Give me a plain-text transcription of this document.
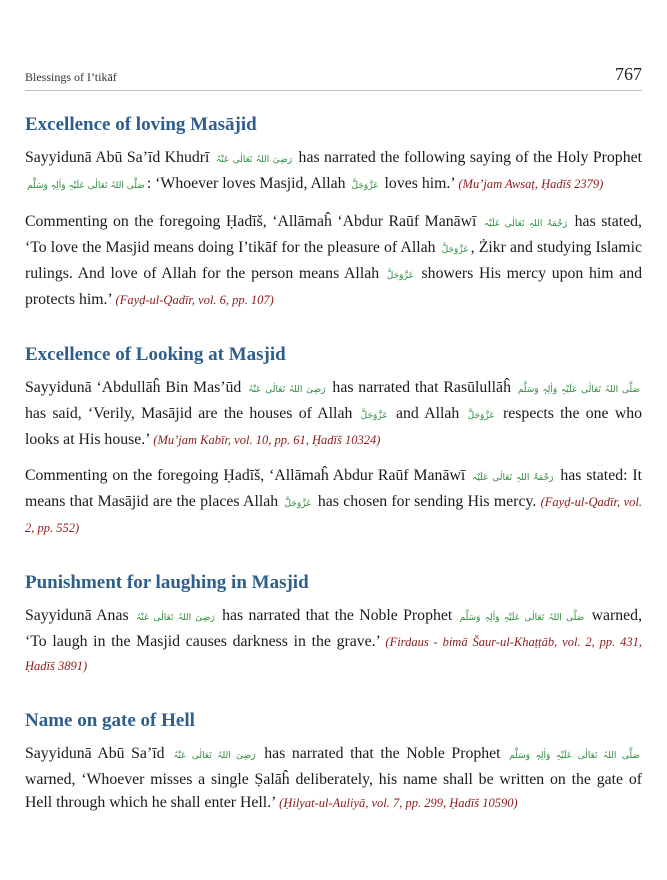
Blessings of I’tikāf	767
Excellence of loving Masājid

Sayyidunā Abū Sa’īd Khudrī رَضِیَ اللہُ تَعَالٰی عَنْہُ has narrated the following saying of the Holy Prophet صَلَّی اللہُ تَعَالٰی عَلَیْہِ وَاٰلِہٖ وَسَلَّم : ‘Whoever loves Masjid, Allah عَزَّوَجَلَّ loves him.’ (Mu’jam Awsaṭ, Ḥadīš 2379)

Commenting on the foregoing Ḥadīš, ‘Allāmaĥ ‘Abdur Raūf Manāwī رَحْمَۃُ اللہِ تَعَالٰی عَلَیْہ has stated, ‘To love the Masjid means doing I’tikāf for the pleasure of Allah عَزَّوَجَلَّ , Żikr and studying Islamic rulings. And love of Allah for the person means Allah عَزَّوَجَلَّ showers His mercy upon him and protects him.’ (Fayḍ-ul-Qadīr, vol. 6, pp. 107)

Excellence of Looking at Masjid

Sayyidunā ‘Abdullāĥ Bin Mas’ūd رَضِیَ اللہُ تَعَالٰی عَنْہُ has narrated that Rasūlullāĥ صَلَّی اللہُ تَعَالٰی عَلَیْہِ وَاٰلِہٖ وَسَلَّم has said, ‘Verily, Masājid are the houses of Allah عَزَّوَجَلَّ and Allah عَزَّوَجَلَّ respects the one who looks at His house.’ (Mu’jam Kabīr, vol. 10, pp. 61, Ḥadīš 10324)

Commenting on the foregoing Ḥadīš, ‘Allāmaĥ Abdur Raūf Manāwī رَحْمَۃُ اللہِ تَعَالٰی عَلَیْہ has stated: It means that Masājid are the places Allah عَزَّوَجَلَّ has chosen for sending His mercy. (Fayḍ-ul-Qadīr, vol. 2, pp. 552)

Punishment for laughing in Masjid

Sayyidunā Anas رَضِیَ اللہُ تَعَالٰی عَنْہُ has narrated that the Noble Prophet صَلَّی اللہُ تَعَالٰی عَلَیْہِ وَاٰلِہٖ وَسَلَّم warned, ‘To laugh in the Masjid causes darkness in the grave.’ (Firdaus - bimā Šaur-ul-Khaṭṭāb, vol. 2, pp. 431, Ḥadīš 3891)

Name on gate of Hell

Sayyidunā Abū Sa’īd رَضِیَ اللہُ تَعَالٰی عَنْہُ has narrated that the Noble Prophet صَلَّی اللہُ تَعَالٰی عَلَیْہِ وَاٰلِہٖ وَسَلَّم warned, ‘Whoever misses a single Ṣalāĥ deliberately, his name shall be written on the gate of Hell through which he shall enter Hell.’ (Ḥilyat-ul-Auliyā, vol. 7, pp. 299, Ḥadīš 10590)
